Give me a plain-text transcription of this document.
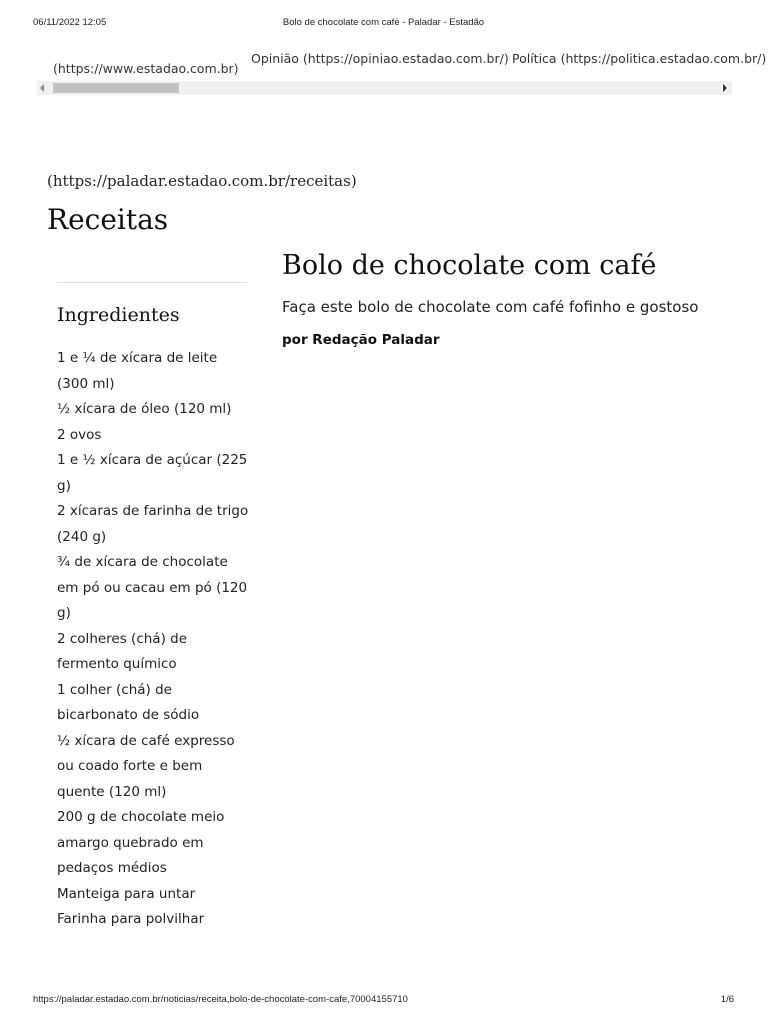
06/11/2022 12:05	Bolo de chocolate com café - Paladar - Estadão
(https://www.estadao.com.br)
Opinião (https://opiniao.estadao.com.br/) Política (https://politica.estadao.com.br/)
(https://paladar.estadao.com.br/receitas)
Receitas
Ingredientes
1 e ¼ de xícara de leite (300 ml)
½ xícara de óleo (120 ml)
2 ovos
1 e ½ xícara de açúcar (225 g)
2 xícaras de farinha de trigo (240 g)
¾ de xícara de chocolate em pó ou cacau em pó (120 g)
2 colheres (chá) de fermento químico
1 colher (chá) de bicarbonato de sódio
½ xícara de café expresso ou coado forte e bem quente (120 ml)
200 g de chocolate meio amargo quebrado em pedaços médios
Manteiga para untar
Farinha para polvilhar
Bolo de chocolate com café
Faça este bolo de chocolate com café fofinho e gostoso
por Redação Paladar
https://paladar.estadao.com.br/noticias/receita,bolo-de-chocolate-com-cafe,70004155710	1/6
